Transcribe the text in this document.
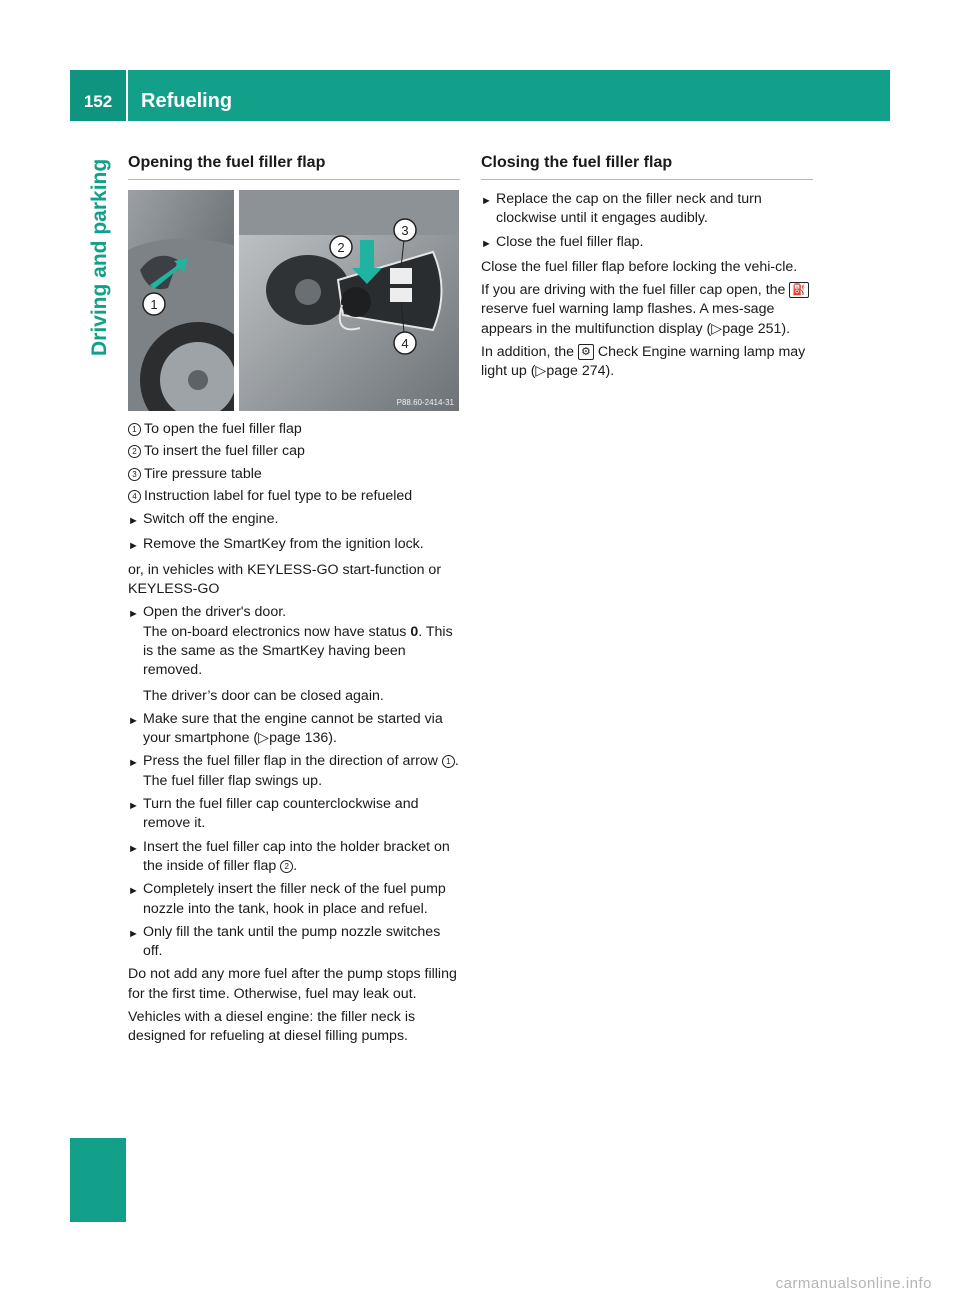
152	Refueling
Driving and parking Opening the fuel filler flap
1
2
3
4
P88.60-2414-31
1 To open the fuel filler flap
2 To insert the fuel filler cap
3 Tire pressure table
4 Instruction label for fuel type to be refueled
► Switch off the engine.
► Remove the SmartKey from the ignition lock.

or, in vehicles with KEYLESS-GO start-function or KEYLESS-GO

► Open the driver's door.
The on-board electronics now have status 0. This is the same as the SmartKey having been removed.
The driver’s door can be closed again.
► Make sure that the engine cannot be started via your smartphone (▷page 136).
► Press the fuel filler flap in the direction of arrow 1 .
The fuel filler flap swings up.
► Turn the fuel filler cap counterclockwise and remove it.
► Insert the fuel filler cap into the holder bracket on the inside of filler flap 2 .
► Completely insert the filler neck of the fuel pump nozzle into the tank, hook in place and refuel.
► Only fill the tank until the pump nozzle switches off.

Do not add any more fuel after the pump stops filling for the first time. Otherwise, fuel may leak out.

Vehicles with a diesel engine: the filler neck is designed for refueling at diesel filling pumps.

Closing the fuel filler flap
► Replace the cap on the filler neck and turn clockwise until it engages audibly.
► Close the fuel filler flap.

Close the fuel filler flap before locking the vehi-cle.

If you are driving with the fuel filler cap open, the ⛽ reserve fuel warning lamp flashes. A mes-sage appears in the multifunction display (▷page 251).

In addition, the ⚙ Check Engine warning lamp may light up (▷page 274).

carmanualsonline.info
